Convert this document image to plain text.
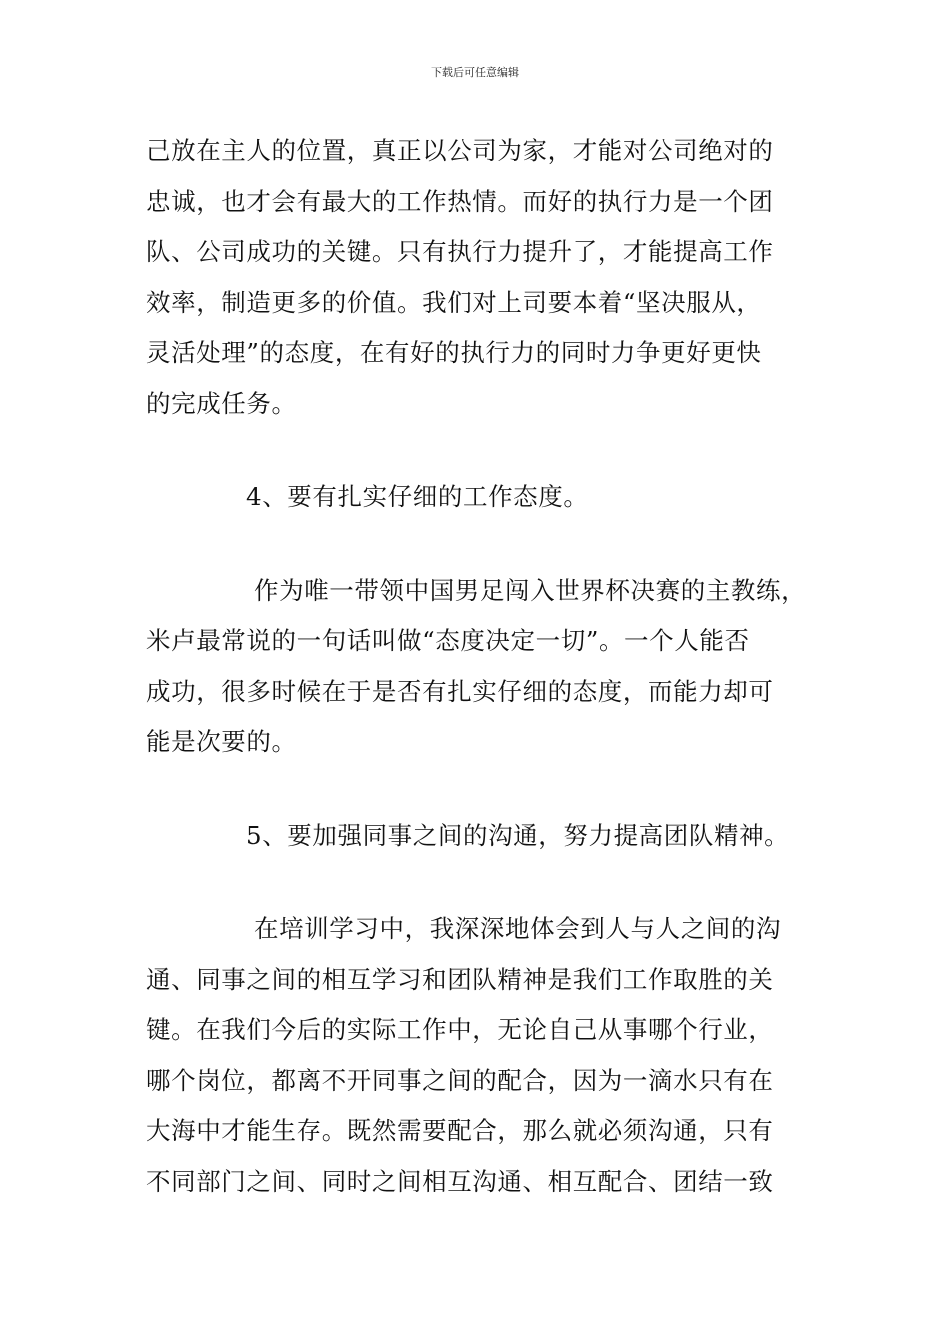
下载后可任意编辑
己放在主人的位置，真正以公司为家，才能对公司绝对的
忠诚，也才会有最大的工作热情。而好的执行力是一个团
队、公司成功的关键。只有执行力提升了，才能提高工作
效率，制造更多的价值。我们对上司要本着“坚决服从，
灵活处理”的态度，在有好的执行力的同时力争更好更快
的完成任务。
4、要有扎实仔细的工作态度。
作为唯一带领中国男足闯入世界杯决赛的主教练，
米卢最常说的一句话叫做“态度决定一切”。一个人能否
成功，很多时候在于是否有扎实仔细的态度，而能力却可
能是次要的。
5、要加强同事之间的沟通，努力提高团队精神。
在培训学习中，我深深地体会到人与人之间的沟
通、同事之间的相互学习和团队精神是我们工作取胜的关
键。在我们今后的实际工作中，无论自己从事哪个行业，
哪个岗位，都离不开同事之间的配合，因为一滴水只有在
大海中才能生存。既然需要配合，那么就必须沟通，只有
不同部门之间、同时之间相互沟通、相互配合、团结一致
